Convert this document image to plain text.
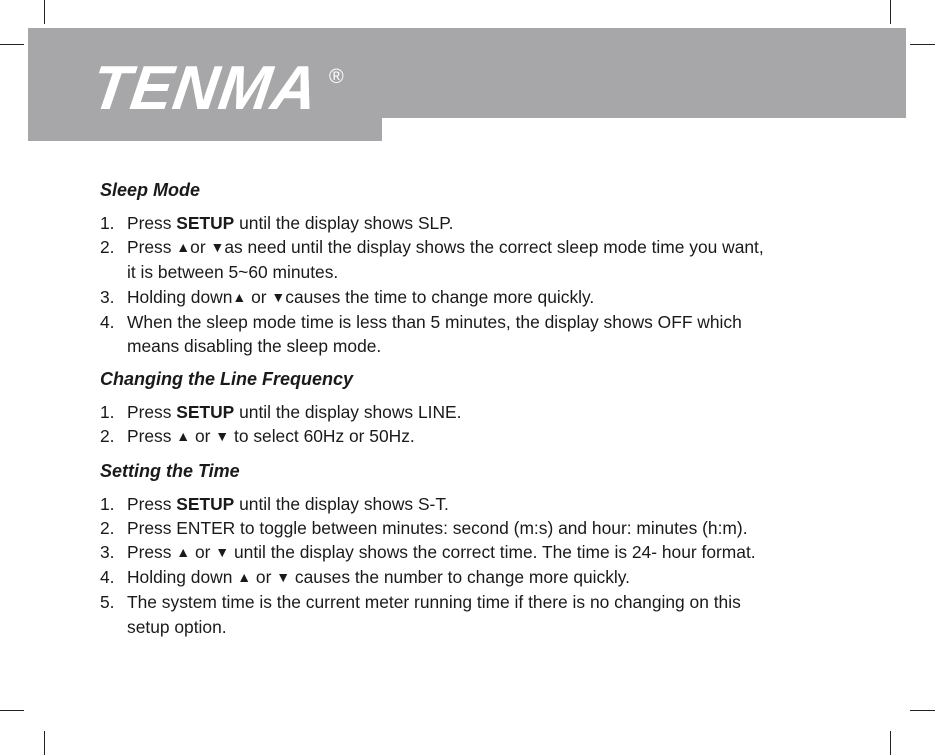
TENMA ®
Sleep Mode
1. Press SETUP until the display shows SLP.
2. Press ▲or ▼as need until the display shows the correct sleep mode time you want,
it is between 5~60 minutes.
3. Holding down▲ or ▼causes the time to change more quickly.
4. When the sleep mode time is less than 5 minutes, the display shows OFF which
means disabling the sleep mode.
Changing the Line Frequency
1. Press SETUP until the display shows LINE.
2. Press ▲ or ▼ to select 60Hz or 50Hz.
Setting the Time
1. Press SETUP until the display shows S-T.
2. Press ENTER to toggle between minutes: second (m:s) and hour: minutes (h:m).
3. Press ▲ or ▼ until the display shows the correct time. The time is 24- hour format.
4. Holding down ▲ or ▼ causes the number to change more quickly.
5. The system time is the current meter running time if there is no changing on this
setup option.
